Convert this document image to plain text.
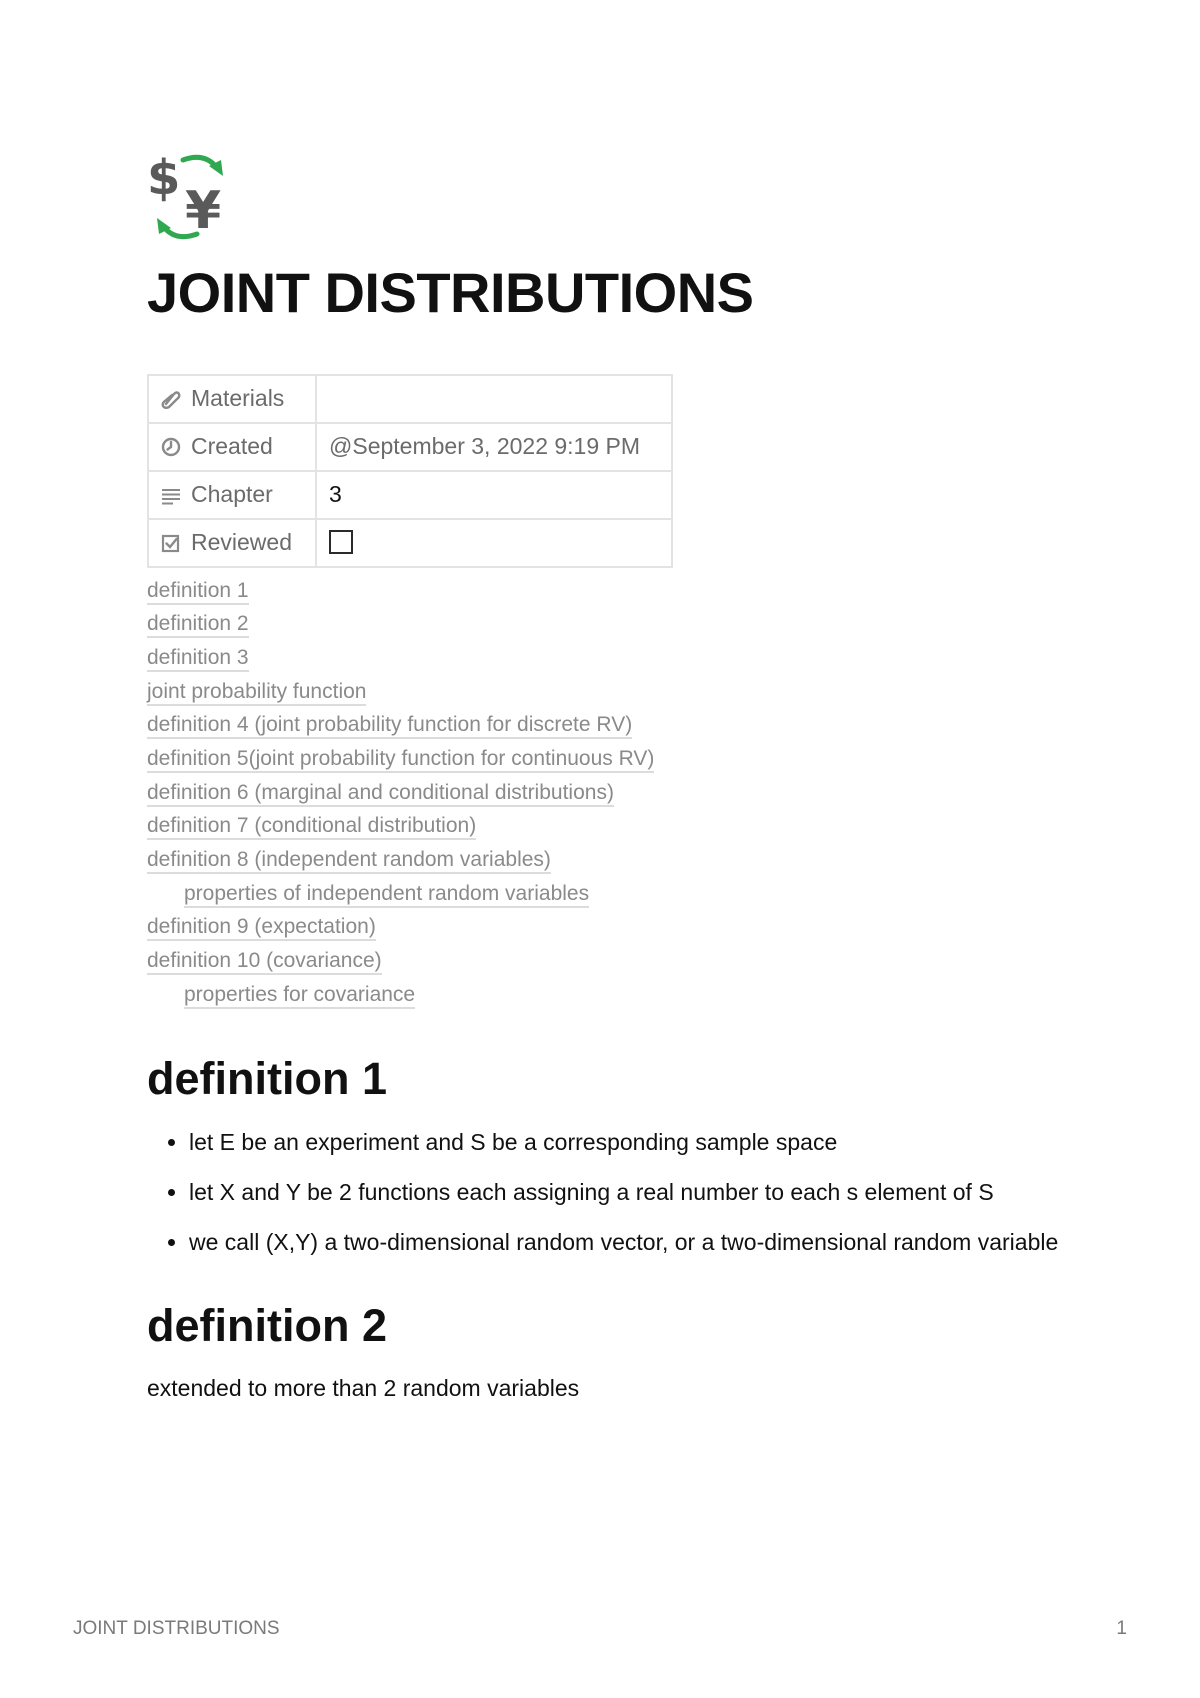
$
¥
JOINT DISTRIBUTIONS
Materials	
Created	@September 3, 2022 9:19 PM
Chapter	3
Reviewed	
definition 1
definition 2
definition 3
joint probability function
definition 4 (joint probability function for discrete RV)
definition 5(joint probability function for continuous RV)
definition 6 (marginal and conditional distributions)
definition 7 (conditional distribution)
definition 8 (independent random variables)
properties of independent random variables
definition 9 (expectation)
definition 10 (covariance)
properties for covariance
definition 1
• let E be an experiment and S be a corresponding sample space
• let X and Y be 2 functions each assigning a real number to each s element of S
• we call (X,Y) a two-dimensional random vector, or a two-dimensional random variable
definition 2

extended to more than 2 random variables

JOINT DISTRIBUTIONS	1
